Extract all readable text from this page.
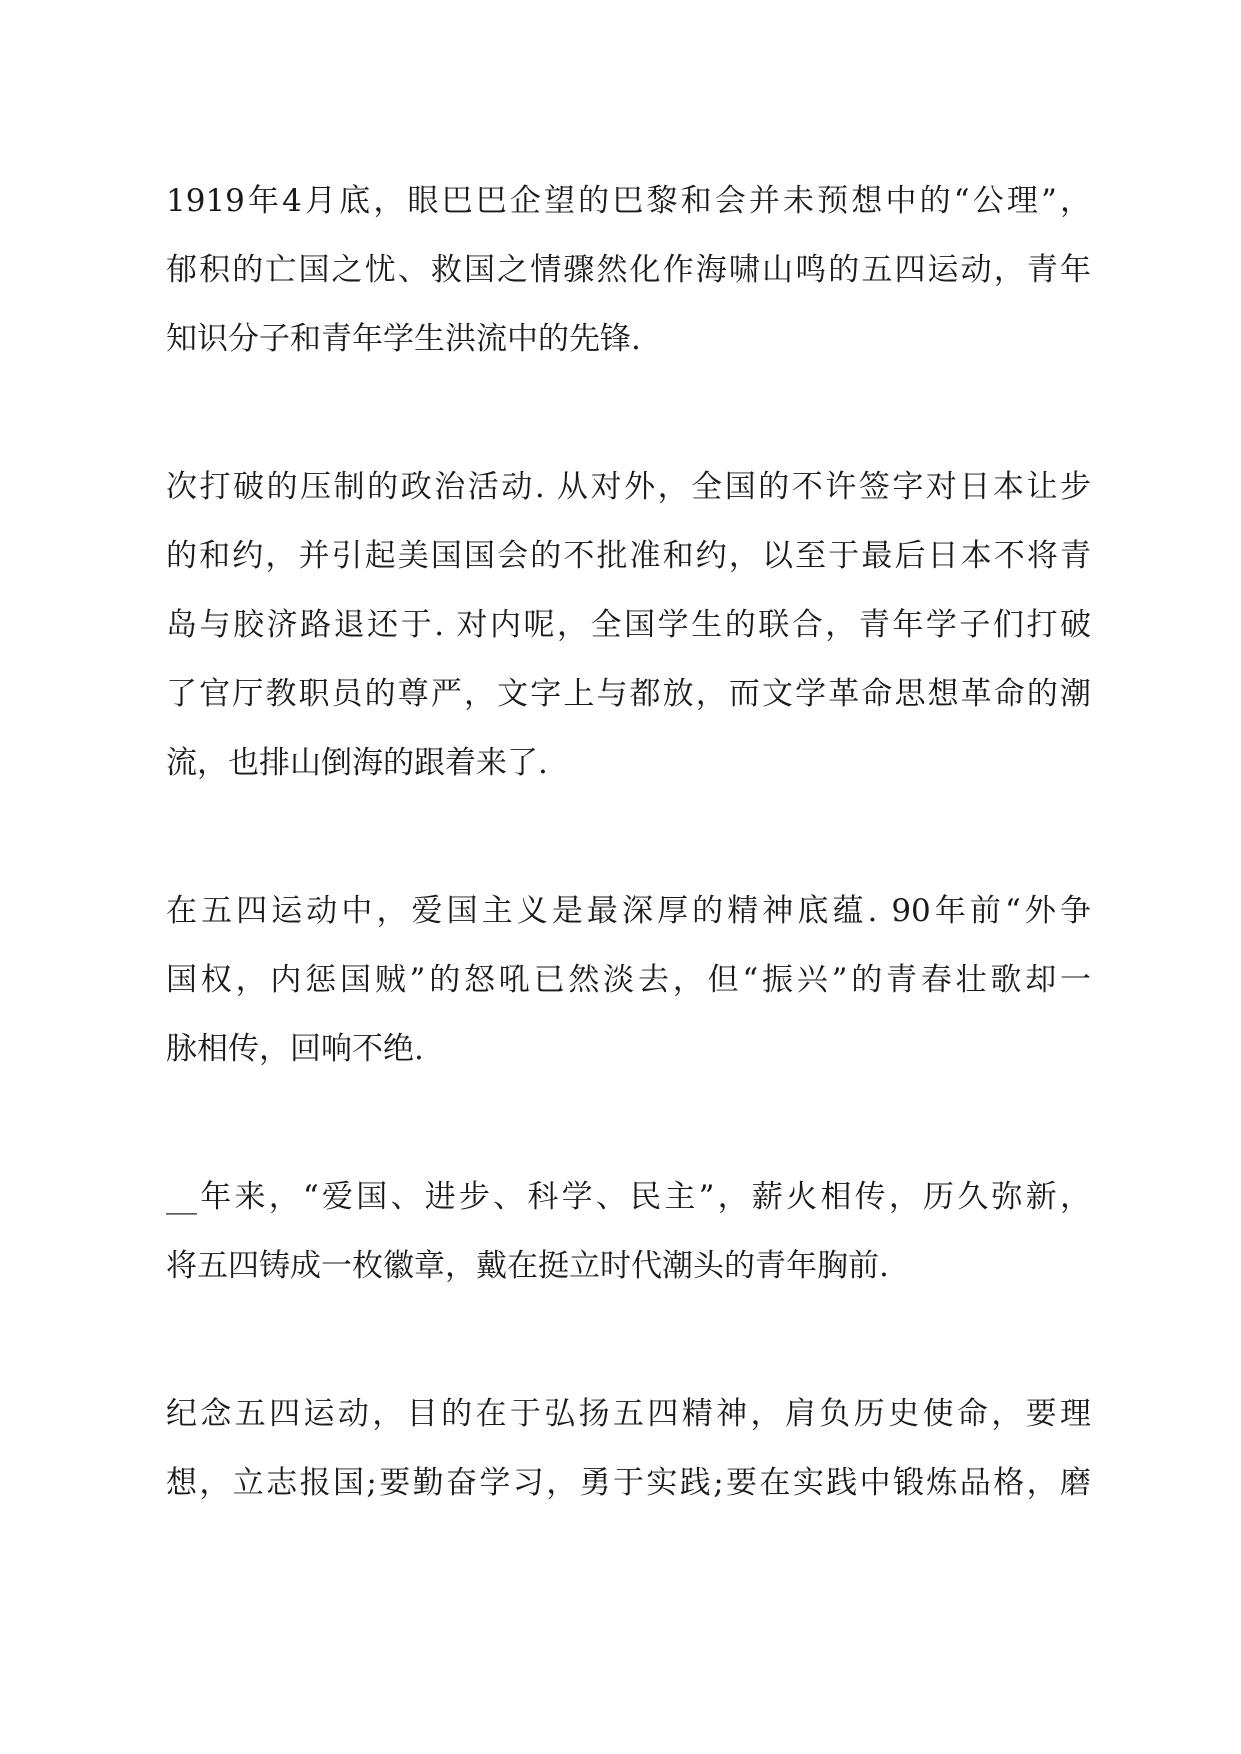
1919年4月底，眼巴巴企望的巴黎和会并未预想中的“公理”，
郁积的亡国之忧、救国之情骤然化作海啸山鸣的五四运动，青年
知识分子和青年学生洪流中的先锋.
次打破的压制的政治活动. 从对外，全国的不许签字对日本让步
的和约，并引起美国国会的不批准和约，以至于最后日本不将青
岛与胶济路退还于. 对内呢，全国学生的联合，青年学子们打破
了官厅教职员的尊严，文字上与都放，而文学革命思想革命的潮
流，也排山倒海的跟着来了.
在五四运动中，爱国主义是最深厚的精神底蕴. 90年前“外争
国权，内惩国贼”的怒吼已然淡去，但“振兴”的青春壮歌却一
脉相传，回响不绝.
__年来，“爱国、进步、科学、民主”，薪火相传，历久弥新，
将五四铸成一枚徽章，戴在挺立时代潮头的青年胸前.
纪念五四运动，目的在于弘扬五四精神，肩负历史使命，要理
想，立志报国;要勤奋学习，勇于实践;要在实践中锻炼品格，磨
